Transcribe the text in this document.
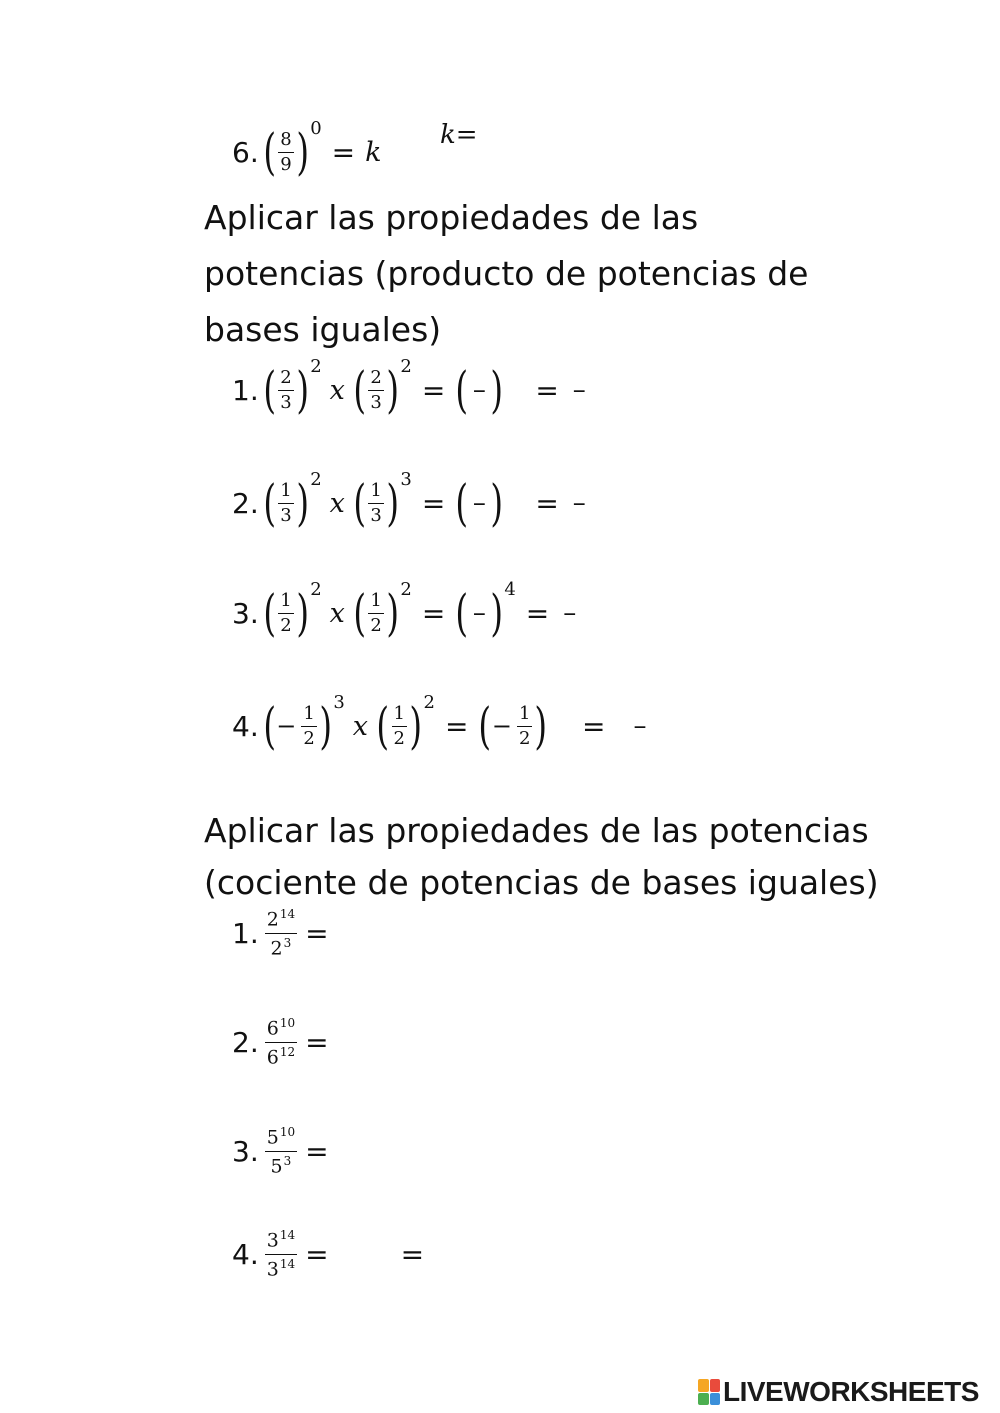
6. ( $\frac{8}{9}$ ) 0
= k
k=
Aplicar las propiedades de las
potencias (producto de potencias de
bases iguales)
1. ( $\frac{2}{3}$ ) 2
x ( $\frac{2}{3}$ ) 2
= ( – ) = –
2. ( $\frac{1}{3}$ ) 2
x ( $\frac{1}{3}$ ) 3
= ( – ) = –
3. ( $\frac{1}{2}$ ) 2
x ( $\frac{1}{2}$ ) 2
= ( – ) 4
= –
4. ( − $\frac{1}{2}$ ) 3
x ( $\frac{1}{2}$ ) 2
= ( − $\frac{1}{2}$ ) = –
Aplicar las propiedades de las potencias
(cociente de potencias de bases iguales)
1. $\frac{2^{14}}{2^3}$ =
2. $\frac{6^{10}}{6^{12}}$ =
3. $\frac{5^{10}}{5^3}$ =
4. $\frac{3^{14}}{3^{14}}$ =	=
LIVEWORKSHEETS
